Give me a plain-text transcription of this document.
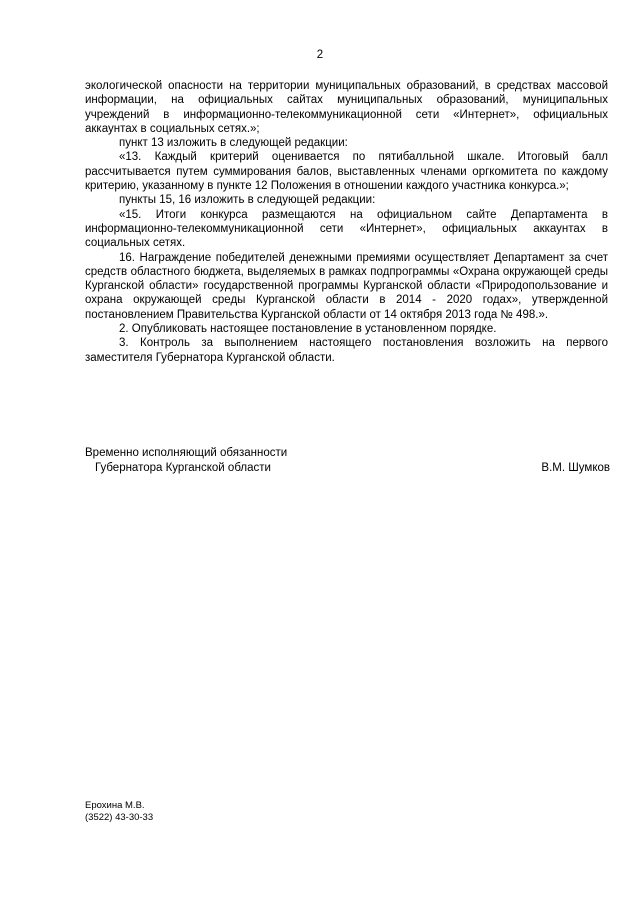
2

экологической опасности на территории муниципальных образований, в средствах массовой информации, на официальных сайтах муниципальных образований, муниципальных учреждений в информационно-телекоммуникационной сети «Интернет», официальных аккаунтах в социальных сетях.»;

пункт 13 изложить в следующей редакции:

«13. Каждый критерий оценивается по пятибалльной шкале. Итоговый балл рассчитывается путем суммирования балов, выставленных членами оргкомитета по каждому критерию, указанному в пункте 12 Положения в отношении каждого участника конкурса.»;

пункты 15, 16 изложить в следующей редакции:

«15. Итоги конкурса размещаются на официальном сайте Департамента в информационно-телекоммуникационной сети «Интернет», официальных аккаунтах в социальных сетях.

16. Награждение победителей денежными премиями осуществляет Департамент за счет средств областного бюджета, выделяемых в рамках подпрограммы «Охрана окружающей среды Курганской области» государственной программы Курганской области «Природопользование и охрана окружающей среды Курганской области в 2014 - 2020 годах», утвержденной постановлением Правительства Курганской области от 14 октября 2013 года № 498.».

2. Опубликовать настоящее постановление в установленном порядке.

3. Контроль за выполнением настоящего постановления возложить на первого заместителя Губернатора Курганской области.

Временно исполняющий обязанности
Губернатора Курганской области	В.М. Шумков
Ерохина М.В.
(3522) 43-30-33
